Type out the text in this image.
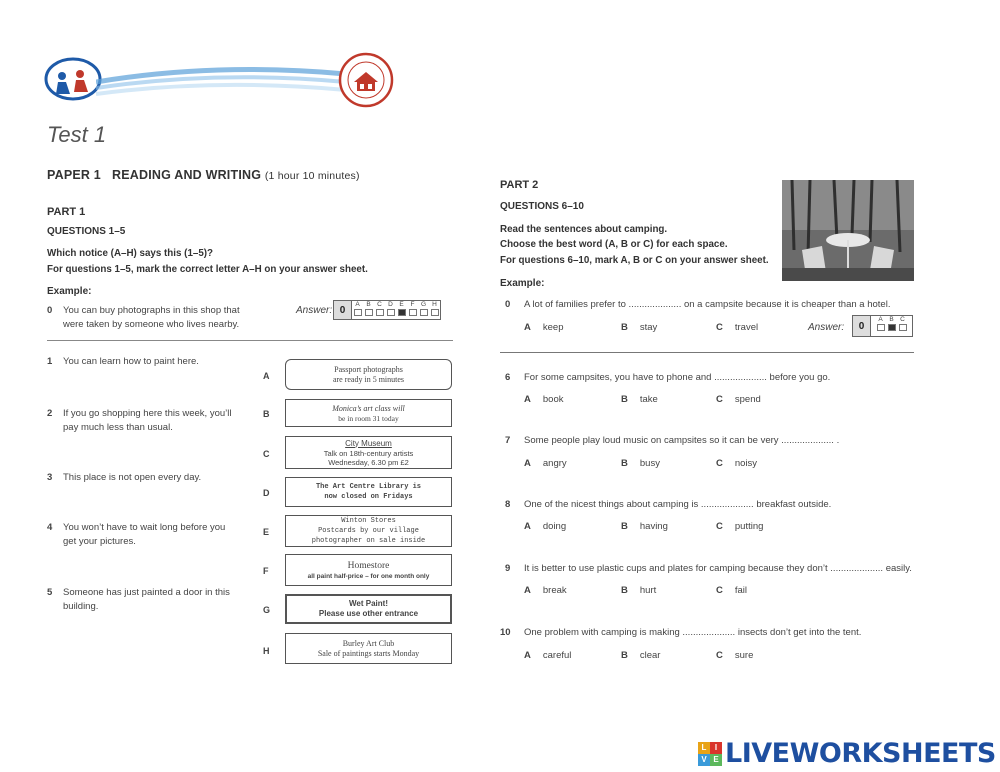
Test 1
PAPER 1   READING AND WRITING (1 hour 10 minutes)
PART 1
QUESTIONS 1–5
Which notice (A–H) says this (1–5)?
For questions 1–5, mark the correct letter A–H on your answer sheet.
Example:
0 You can buy photographs in this shop that
were taken by someone who lives nearby.
Answer: 0	A B C D E F G H
1 You can learn how to paint here.
2 If you go shopping here this week, you’ll
pay much less than usual.
3 This place is not open every day.
4 You won’t have to wait long before you
get your pictures.
5 Someone has just painted a door in this
building.
A
Passport photographs
are ready in 5 minutes
B
Monica’s art class will
be in room 31 today
C
City Museum
Talk on 18th-century artists
Wednesday, 6.30 pm £2
D
The Art Centre Library is
now closed on Fridays
E
Winton Stores
Postcards by our village
photographer on sale inside
F
Homestore
all paint half-price – for one month only
G
Wet Paint!
Please use other entrance
H
Burley Art Club
Sale of paintings starts Monday
PART 2
QUESTIONS 6–10
Read the sentences about camping.
Choose the best word (A, B or C) for each space.
For questions 6–10, mark A, B or C on your answer sheet.
Example:
0 A lot of families prefer to .................... on a campsite because it is cheaper than a hotel.
A keep	B stay	C travel	Answer:	0
A B C
6 For some campsites, you have to phone and .................... before you go.
A book	B take	C spend
7 Some people play loud music on campsites so it can be very .................... .
A angry	B busy	C noisy
8 One of the nicest things about camping is .................... breakfast outside.
A doing	B having	C putting
9 It is better to use plastic cups and plates for camping because they don’t .................... easily.
A break	B hurt	C fail
10 One problem with camping is making .................... insects don’t get into the tent.
A careful	B clear	C sure
L	I
V E LIVEWORKSHEETS
